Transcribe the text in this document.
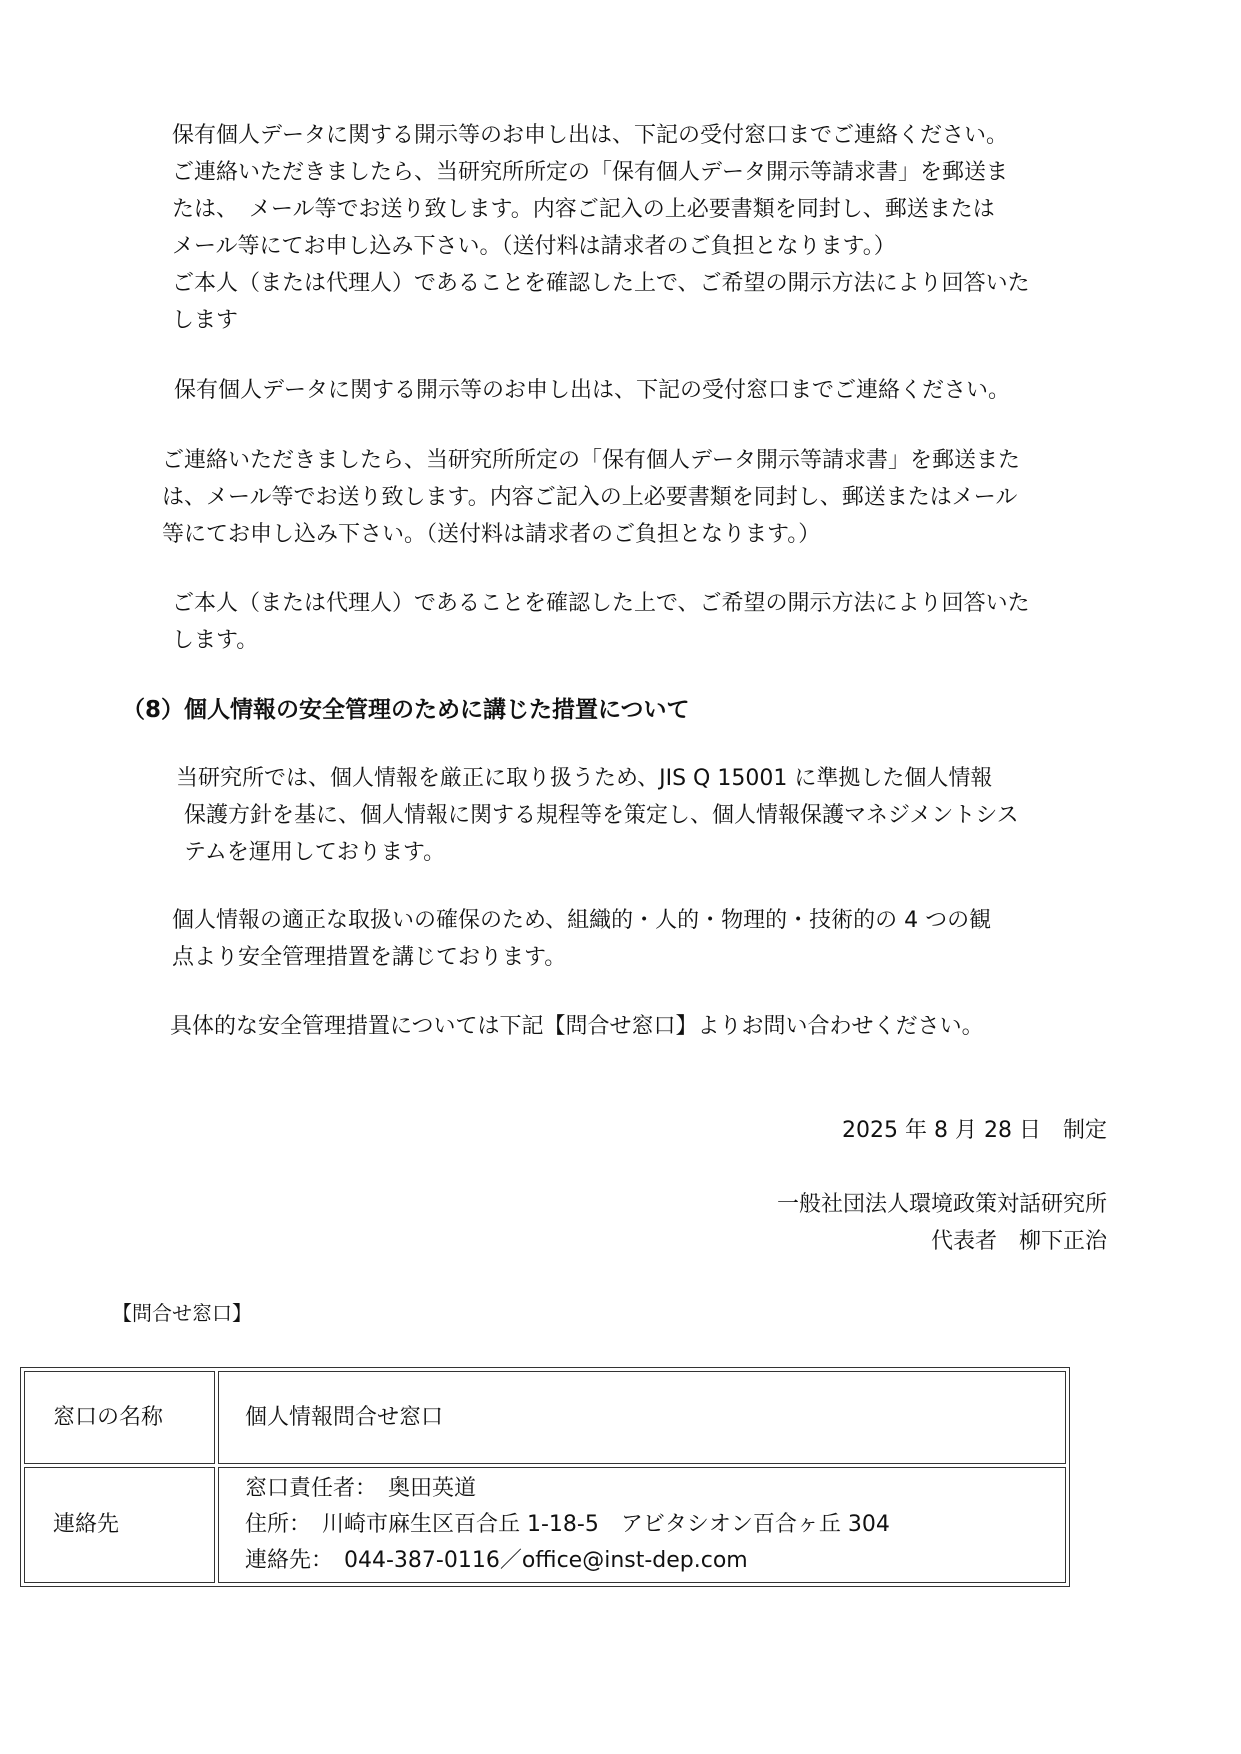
保有個人データに関する開示等のお申し出は、下記の受付窓口までご連絡ください。
ご連絡いただきましたら、当研究所所定の「保有個人データ開示等請求書」を郵送ま
たは、　メール等でお送り致します。内容ご記入の上必要書類を同封し、郵送または
メール等にてお申し込み下さい。（送付料は請求者のご負担となります。）
ご本人（または代理人）であることを確認した上で、ご希望の開示方法により回答いた
します
保有個人データに関する開示等のお申し出は、下記の受付窓口までご連絡ください。
ご連絡いただきましたら、当研究所所定の「保有個人データ開示等請求書」を郵送また
は、メール等でお送り致します。内容ご記入の上必要書類を同封し、郵送またはメール
等にてお申し込み下さい。（送付料は請求者のご負担となります。）
ご本人（または代理人）であることを確認した上で、ご希望の開示方法により回答いた
します。
（8）個人情報の安全管理のために講じた措置について
当研究所では、個人情報を厳正に取り扱うため、JIS Q 15001 に準拠した個人情報
保護方針を基に、個人情報に関する規程等を策定し、個人情報保護マネジメントシス
テムを運用しております。
個人情報の適正な取扱いの確保のため、組織的・人的・物理的・技術的の 4 つの観
点より安全管理措置を講じております。
具体的な安全管理措置については下記【問合せ窓口】よりお問い合わせください。
2025 年 8 月 28 日　制定
一般社団法人環境政策対話研究所
代表者　柳下正治
【問合せ窓口】
窓口の名称	個人情報問合せ窓口

連絡先	窓口責任者：　奥田英道
住所：　川崎市麻生区百合丘 1-18-5　アビタシオン百合ヶ丘 304
連絡先：　044-387-0116／office@inst-dep.com
